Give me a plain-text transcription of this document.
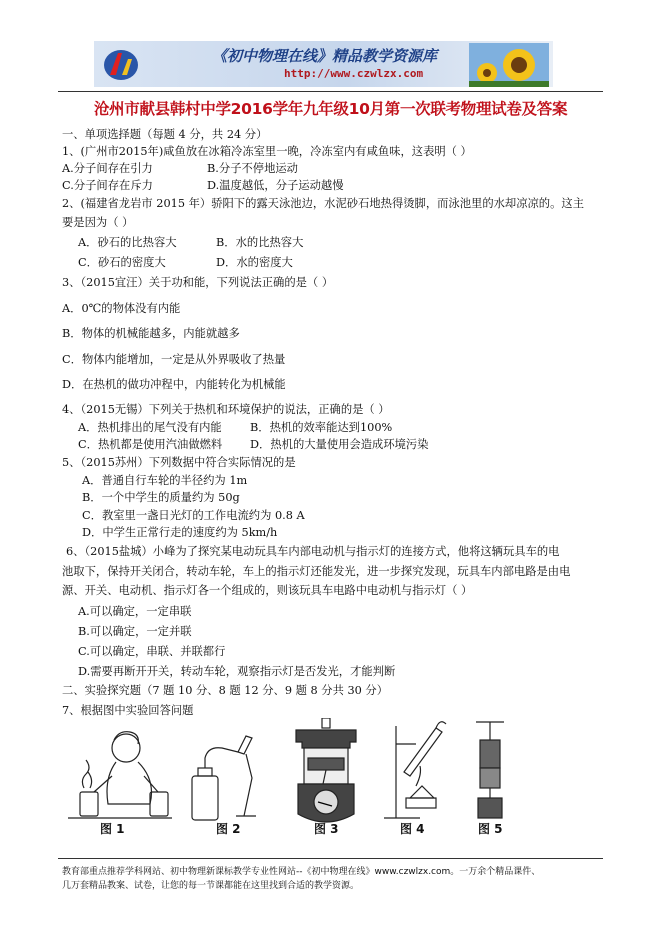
《初中物理在线》精品教学资源库
http://www.czwlzx.com
沧州市献县韩村中学2016学年九年级10月第一次联考物理试卷及答案
一、单项选择题（每题 4 分，共 24 分）
1、(广州市2015年)咸鱼放在冰箱冷冻室里一晚，冷冻室内有咸鱼味，这表明（ ）
A.分子间存在引力	B.分子不停地运动
C.分子间存在斥力	D.温度越低，分子运动越慢
2、(福建省龙岩市 2015 年）骄阳下的露天泳池边，水泥砂石地热得烫脚，而泳池里的水却凉凉的。这主
要是因为（ ）
A．砂石的比热容大	B．水的比热容大
C．砂石的密度大	D．水的密度大
3、（2015宜汪）关于功和能，下列说法正确的是（ ）
A．0℃的物体没有内能
B．物体的机械能越多，内能就越多
C．物体内能增加，一定是从外界吸收了热量
D．在热机的做功冲程中，内能转化为机械能
4、（2015无锡）下列关于热机和环境保护的说法，正确的是（ ）
A．热机排出的尾气没有内能	B．热机的效率能达到100%
C．热机都是使用汽油做燃料 D．热机的大量使用会造成环境污染
5、（2015苏州）下列数据中符合实际情况的是
A．普通自行车轮的半径约为 1m
B．一个中学生的质量约为 50g
C．教室里一盏日光灯的工作电流约为 0.8 A
D．中学生正常行走的速度约为 5km/h
6、（2015盐城）小峰为了探究某电动玩具车内部电动机与指示灯的连接方式，他将这辆玩具车的电
池取下，保持开关闭合，转动车轮，车上的指示灯还能发光，进一步探究发现，玩具车内部电路是由电
源、开关、电动机、指示灯各一个组成的，则该玩具车电路中电动机与指示灯（ ）
A.可以确定，一定串联
B.可以确定，一定并联
C.可以确定，串联、并联都行
D.需要再断开开关，转动车轮，观察指示灯是否发光，才能判断
二、实验探究题（7 题 10 分、8 题 12 分、9 题 8 分共 30 分）
7、根据图中实验回答问题
图 1	图 2	图 3	图 4	图 5
教育部重点推荐学科网站、初中物理新课标教学专业性网站--《初中物理在线》www.czwlzx.com。一万余个精品课件、
几万套精品教案、试卷，让您的每一节课都能在这里找到合适的教学资源。
